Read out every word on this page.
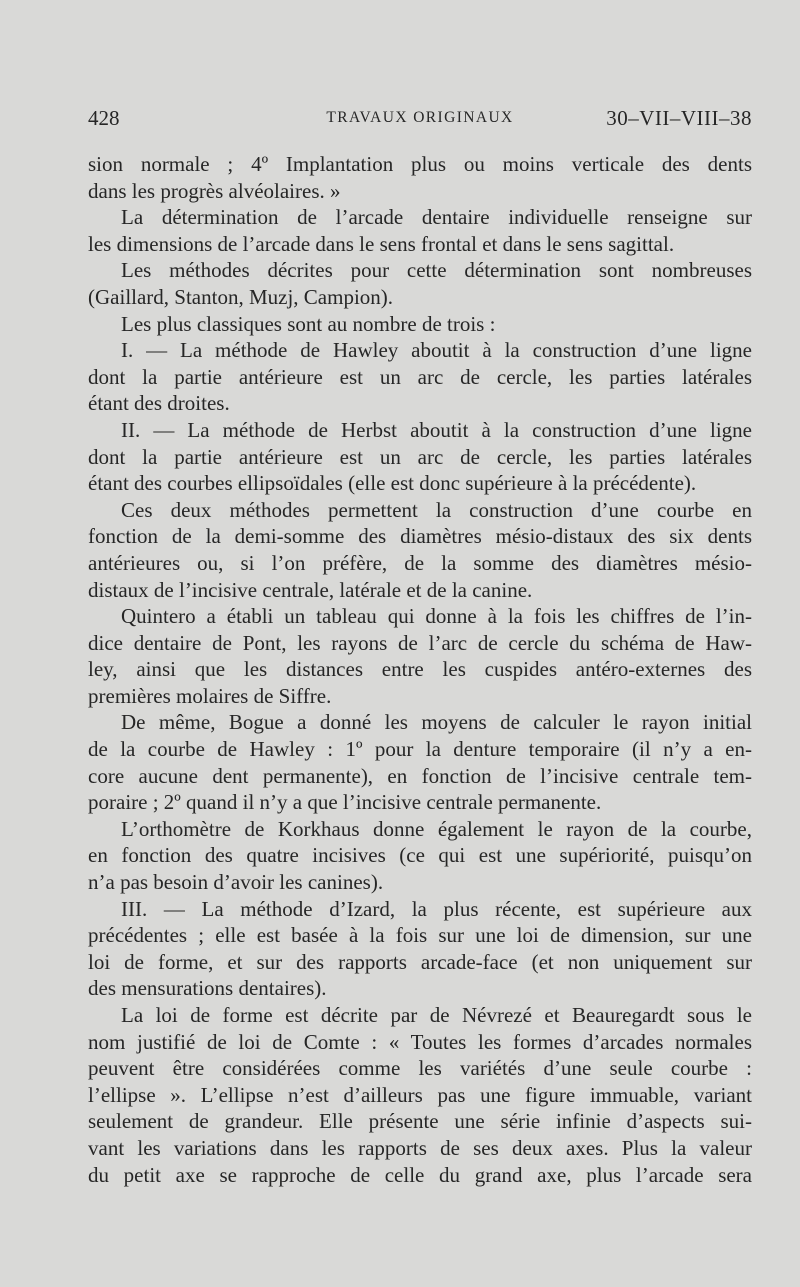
428	TRAVAUX ORIGINAUX	30–VII–VIII–38
sion normale ; 4º Implantation plus ou moins verticale des dents
dans les progrès alvéolaires. »
La détermination de l’arcade dentaire individuelle renseigne sur
les dimensions de l’arcade dans le sens frontal et dans le sens sagittal.
Les méthodes décrites pour cette détermination sont nombreuses
(Gaillard, Stanton, Muzj, Campion).
Les plus classiques sont au nombre de trois :
I. — La méthode de Hawley aboutit à la construction d’une ligne
dont la partie antérieure est un arc de cercle, les parties latérales
étant des droites.
II. — La méthode de Herbst aboutit à la construction d’une ligne
dont la partie antérieure est un arc de cercle, les parties latérales
étant des courbes ellipsoïdales (elle est donc supérieure à la précédente).
Ces deux méthodes permettent la construction d’une courbe en
fonction de la demi-somme des diamètres mésio-distaux des six dents
antérieures ou, si l’on préfère, de la somme des diamètres mésio-
distaux de l’incisive centrale, latérale et de la canine.
Quintero a établi un tableau qui donne à la fois les chiffres de l’in-
dice dentaire de Pont, les rayons de l’arc de cercle du schéma de Haw-
ley, ainsi que les distances entre les cuspides antéro-externes des
premières molaires de Siffre.
De même, Bogue a donné les moyens de calculer le rayon initial
de la courbe de Hawley : 1º pour la denture temporaire (il n’y a en-
core aucune dent permanente), en fonction de l’incisive centrale tem-
poraire ; 2º quand il n’y a que l’incisive centrale permanente.
L’orthomètre de Korkhaus donne également le rayon de la courbe,
en fonction des quatre incisives (ce qui est une supériorité, puisqu’on
n’a pas besoin d’avoir les canines).
III. — La méthode d’Izard, la plus récente, est supérieure aux
précédentes ; elle est basée à la fois sur une loi de dimension, sur une
loi de forme, et sur des rapports arcade-face (et non uniquement sur
des mensurations dentaires).
La loi de forme est décrite par de Névrezé et Beauregardt sous le
nom justifié de loi de Comte : « Toutes les formes d’arcades normales
peuvent être considérées comme les variétés d’une seule courbe :
l’ellipse ». L’ellipse n’est d’ailleurs pas une figure immuable, variant
seulement de grandeur. Elle présente une série infinie d’aspects sui-
vant les variations dans les rapports de ses deux axes. Plus la valeur
du petit axe se rapproche de celle du grand axe, plus l’arcade sera
